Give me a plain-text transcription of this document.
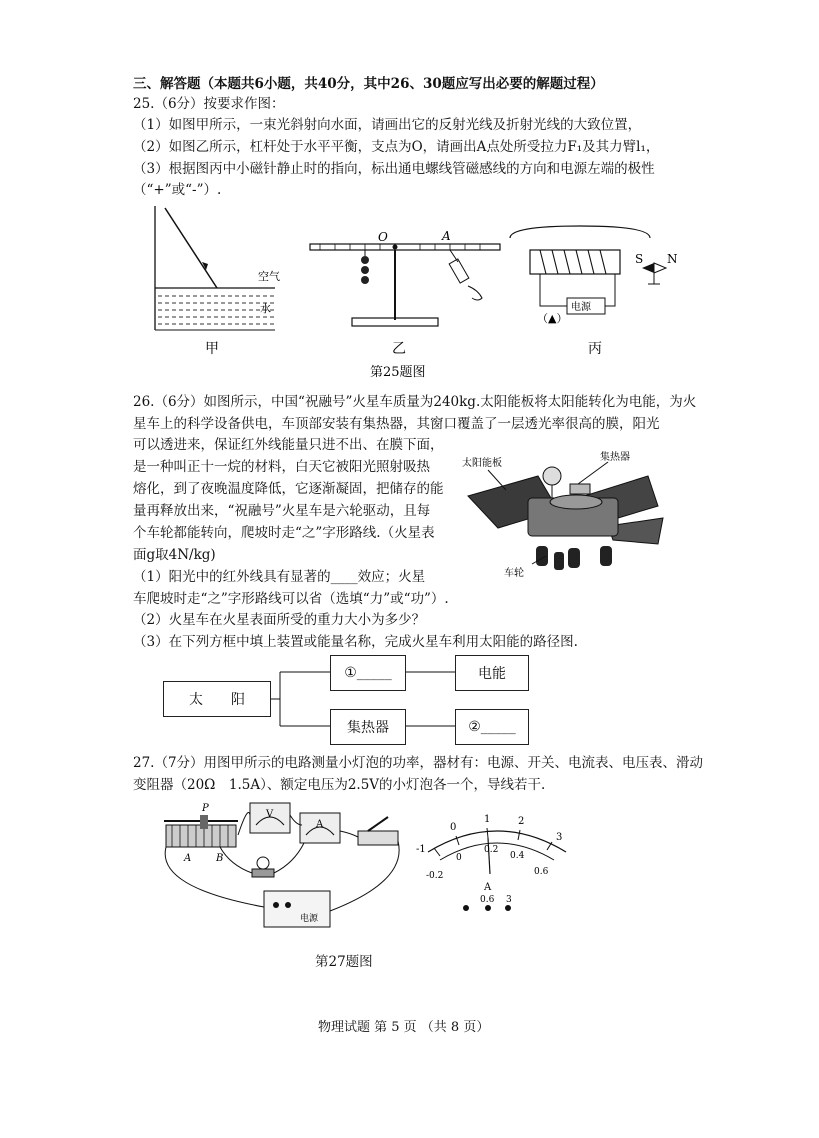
三、解答题（本题共6小题，共40分，其中26、30题应写出必要的解题过程）
25.（6分）按要求作图：
（1）如图甲所示，一束光斜射向水面，请画出它的反射光线及折射光线的大致位置，
（2）如图乙所示，杠杆处于水平平衡，支点为O，请画出A点处所受拉力F₁及其力臂l₁，
（3）根据图丙中小磁针静止时的指向，标出通电螺线管磁感线的方向和电源左端的极性
（“+”或“-”）.
空气
水
甲
O	A
乙
电源
（▲）
S N
丙
第25题图
26.（6分）如图所示，中国“祝融号”火星车质量为240kg.太阳能板将太阳能转化为电能，为火
星车上的科学设备供电，车顶部安装有集热器，其窗口覆盖了一层透光率很高的膜，阳光
可以透进来，保证红外线能量只进不出、在膜下面，
是一种叫正十一烷的材料，白天它被阳光照射吸热
熔化，到了夜晚温度降低，它逐渐凝固，把储存的能
量再释放出来，“祝融号”火星车是六轮驱动，且每
个车轮都能转向，爬坡时走“之”字形路线.（火星表
面g取4N/kg)
（1）阳光中的红外线具有显著的____效应；火星
车爬坡时走“之”字形路线可以省（选填“力”或“功”）.
（2）火星车在火星表面所受的重力大小为多少？
（3）在下列方框中填上装置或能量名称，完成火星车利用太阳能的路径图.
太阳能板
集热器
车轮
太　　阳
①_____	电能
集热器	②_____
27.（7分）用图甲所示的电路测量小灯泡的功率，器材有：电源、开关、电流表、电压表、滑动
变阻器（20Ω　1.5A）、额定电压为2.5V的小灯泡各一个，导线若干.
P
A B
V
A
电源
-1
0
1	2
3
-0.2
0
0.2
0.4
0.6
A
0.6 3
第27题图
物理试题 第 5 页 （共 8 页）
